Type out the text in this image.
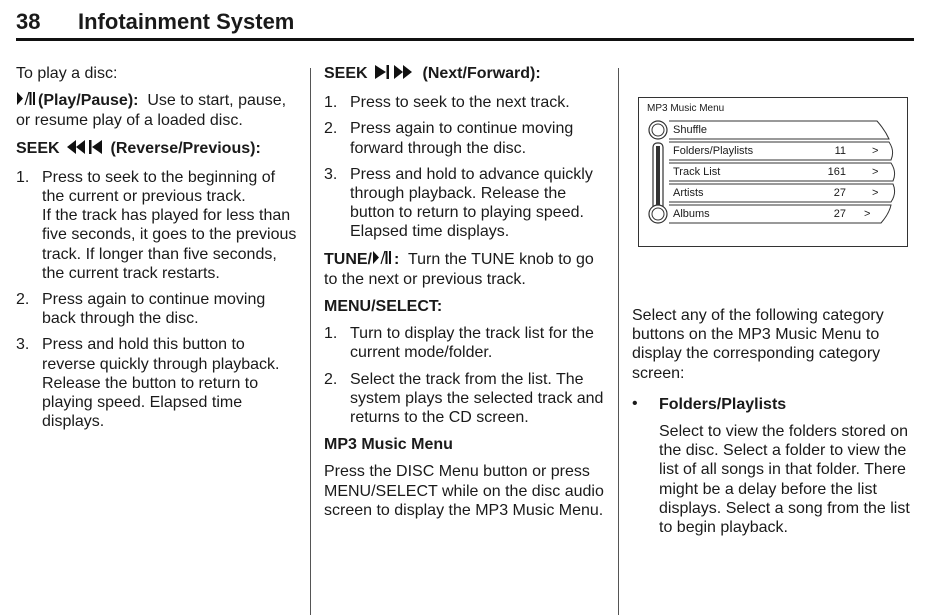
38 Infotainment System

To play a disc:

(Play/Pause): Use to start, pause, or resume play of a loaded disc.

SEEK	(Reverse/Previous):
1. Press to seek to the beginning of the current or previous track.
If the track has played for less than five seconds, it goes to the previous track. If longer than five seconds, the current track restarts.
2. Press again to continue moving back through the disc.
3. Press and hold this button to reverse quickly through playback. Release the button to return to playing speed. Elapsed time displays.
SEEK	(Next/Forward):
1. Press to seek to the next track.
2. Press again to continue moving forward through the disc.
3. Press and hold to advance quickly through playback. Release the button to return to playing speed. Elapsed time displays.

TUNE/ : Turn the TUNE knob to go to the next or previous track.

MENU/SELECT:
1. Turn to display the track list for the current mode/folder.
2. Select the track from the list. The system plays the selected track and returns to the CD screen.
MP3 Music Menu

Press the DISC Menu button or press MENU/SELECT while on the disc audio screen to display the MP3 Music Menu.

MP3 Music Menu
Shuffle
Folders/Playlists	11 >
Track List	161 >
Artists	27 >
Albums	27 >

Select any of the following category buttons on the MP3 Music Menu to display the corresponding category screen:

• Folders/Playlists
Select to view the folders stored on the disc. Select a folder to view the list of all songs in that folder. There might be a delay before the list displays. Select a song from the list to begin playback.
